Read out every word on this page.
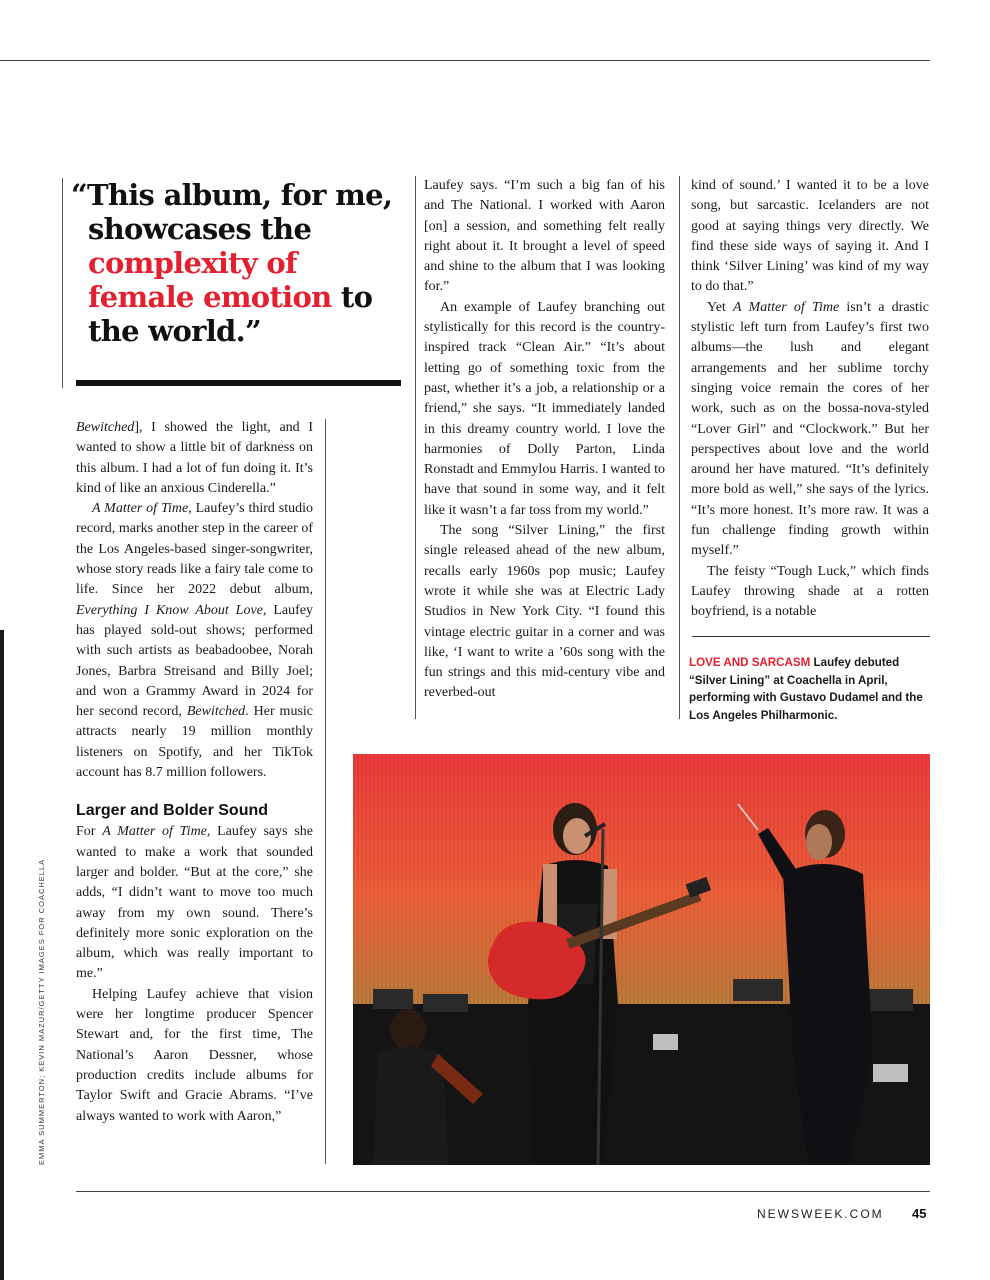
“This album, for me, showcases the complexity of female emotion to the world.”

Bewitched], I showed the light, and I wanted to show a little bit of darkness on this album. I had a lot of fun doing it. It’s kind of like an anxious Cinderella.”

A Matter of Time, Laufey’s third studio record, marks another step in the career of the Los Angeles-based singer-songwriter, whose story reads like a fairy tale come to life. Since her 2022 debut album, Everything I Know About Love, Laufey has played sold-out shows; performed with such artists as beabadoobee, Norah Jones, Barbra Streisand and Billy Joel; and won a Grammy Award in 2024 for her second record, Bewitched. Her music attracts nearly 19 million monthly listeners on Spotify, and her TikTok account has 8.7 million followers.

Larger and Bolder Sound

For A Matter of Time, Laufey says she wanted to make a work that sounded larger and bolder. “But at the core,” she adds, “I didn’t want to move too much away from my own sound. There’s definitely more sonic exploration on the album, which was really important to me.”

Helping Laufey achieve that vision were her longtime producer Spencer Stewart and, for the first time, The National’s Aaron Dessner, whose production credits include albums for Taylor Swift and Gracie Abrams. “I’ve always wanted to work with Aaron,”

Laufey says. “I’m such a big fan of his and The National. I worked with Aaron [on] a session, and something felt really right about it. It brought a level of speed and shine to the album that I was looking for.”

An example of Laufey branching out stylistically for this record is the country-inspired track “Clean Air.” “It’s about letting go of something toxic from the past, whether it’s a job, a relationship or a friend,” she says. “It immediately landed in this dreamy country world. I love the harmonies of Dolly Parton, Linda Ronstadt and Emmylou Harris. I wanted to have that sound in some way, and it felt like it wasn’t a far toss from my world.”

The song “Silver Lining,” the first single released ahead of the new album, recalls early 1960s pop music; Laufey wrote it while she was at Electric Lady Studios in New York City. “I found this vintage electric guitar in a corner and was like, ‘I want to write a ’60s song with the fun strings and this mid-century vibe and reverbed-out

kind of sound.’ I wanted it to be a love song, but sarcastic. Icelanders are not good at saying things very directly. We find these side ways of saying it. And I think ‘Silver Lining’ was kind of my way to do that.”

Yet A Matter of Time isn’t a drastic stylistic left turn from Laufey’s first two albums—the lush and elegant arrangements and her sublime torchy singing voice remain the cores of her work, such as on the bossa-nova-styled “Lover Girl” and “Clockwork.” But her perspectives about love and the world around her have matured. “It’s definitely more bold as well,” she says of the lyrics. “It’s more honest. It’s more raw. It was a fun challenge finding growth within myself.”

The feisty “Tough Luck,” which finds Laufey throwing shade at a rotten boyfriend, is a notable

LOVE AND SARCASM Laufey debuted “Silver Lining” at Coachella in April, performing with Gustavo Dudamel and the Los Angeles Philharmonic.
EMMA SUMMERTON; KEVIN MAZUR/GETTY IMAGES FOR COACHELLA
NEWSWEEK.COM 45
